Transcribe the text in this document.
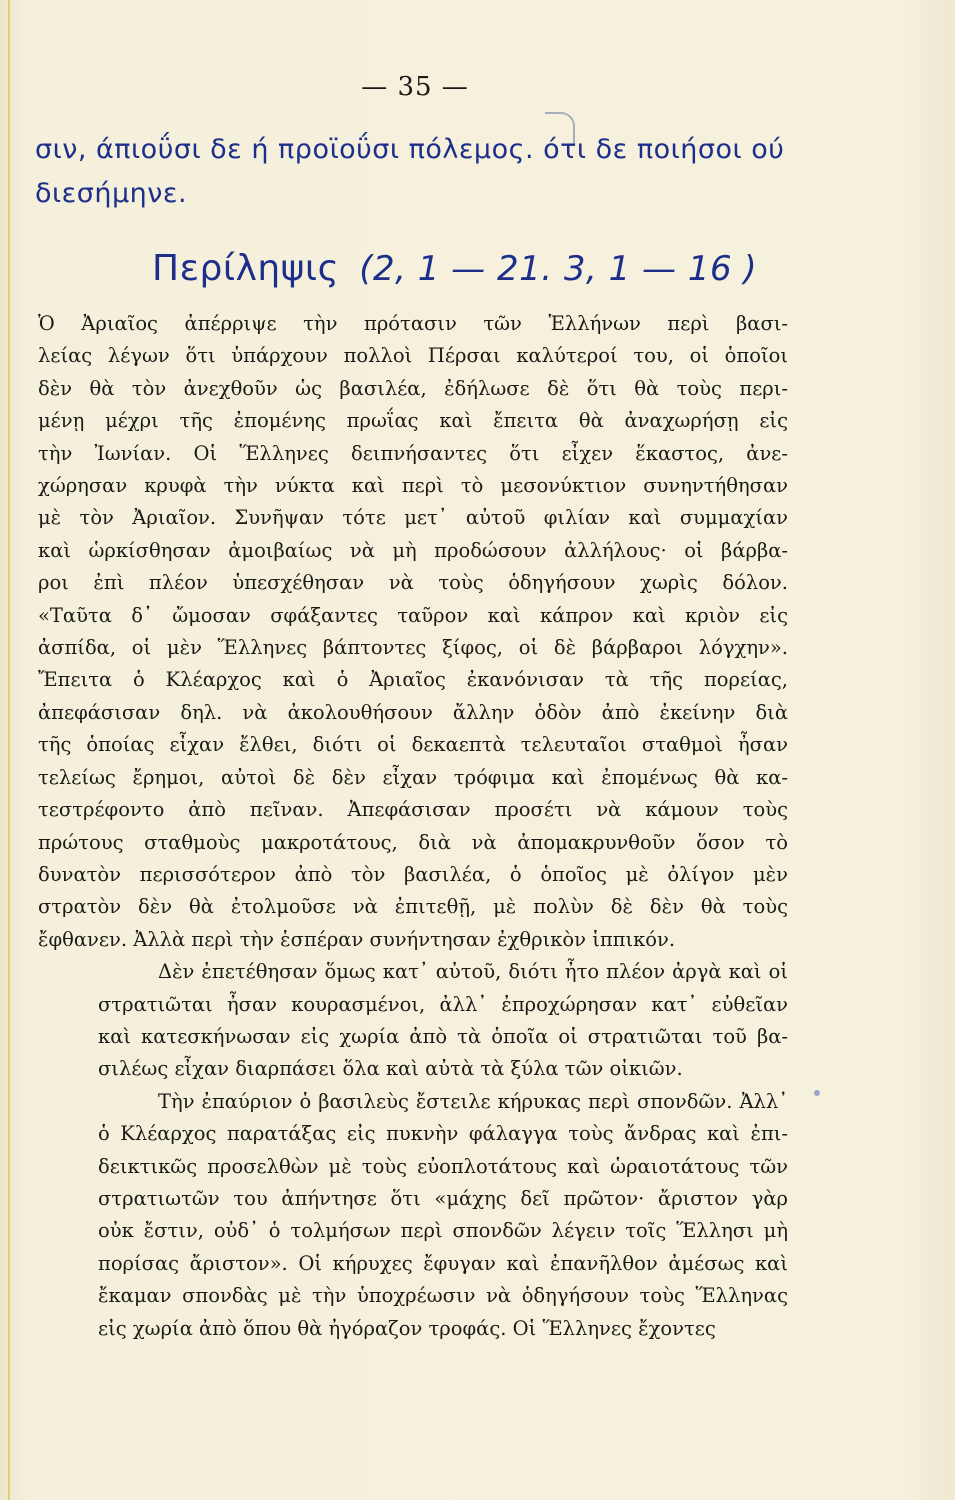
— 35 —
σιν, άπιοΰσι δε ή προϊοΰσι πόλεμος. ότι δε ποιήσοι ού
διεσήμηνε.
Περίληψις (2, 1 — 21. 3, 1 — 16 )

Ὁ Ἀριαῖος ἀπέρριψε τὴν πρότασιν τῶν Ἑλλήνων περὶ βασι-
λείας λέγων ὅτι ὑπάρχουν πολλοὶ Πέρσαι καλύτεροί του, οἱ ὁποῖοι
δὲν θὰ τὸν ἀνεχθοῦν ὡς βασιλέα, ἐδήλωσε δὲ ὅτι θὰ τοὺς περι-
μένῃ μέχρι τῆς ἐπομένης πρωΐας καὶ ἔπειτα θὰ ἀναχωρήσῃ εἰς
τὴν Ἰωνίαν. Οἱ Ἕλληνες δειπνήσαντες ὅτι εἶχεν ἕκαστος, ἀνε-
χώρησαν κρυφὰ τὴν νύκτα καὶ περὶ τὸ μεσονύκτιον συνηντήθησαν
μὲ τὸν Ἀριαῖον. Συνῆψαν τότε μετ᾽ αὐτοῦ φιλίαν καὶ συμμαχίαν
καὶ ὡρκίσθησαν ἀμοιβαίως νὰ μὴ προδώσουν ἀλλήλους· οἱ βάρβα-
ροι ἐπὶ πλέον ὑπεσχέθησαν νὰ τοὺς ὁδηγήσουν χωρὶς δόλον.
«Ταῦτα δ᾽ ὤμοσαν σφάξαντες ταῦρον καὶ κάπρον καὶ κριὸν εἰς
ἀσπίδα, οἱ μὲν Ἕλληνες βάπτοντες ξίφος, οἱ δὲ βάρβαροι λόγχην».
Ἔπειτα ὁ Κλέαρχος καὶ ὁ Ἀριαῖος ἐκανόνισαν τὰ τῆς πορείας,
ἀπεφάσισαν δηλ. νὰ ἀκολουθήσουν ἄλλην ὁδὸν ἀπὸ ἐκείνην διὰ
τῆς ὁποίας εἶχαν ἔλθει, διότι οἱ δεκαεπτὰ τελευταῖοι σταθμοὶ ἦσαν
τελείως ἔρημοι, αὐτοὶ δὲ δὲν εἶχαν τρόφιμα καὶ ἐπομένως θὰ κα-
τεστρέφοντο ἀπὸ πεῖναν. Ἀπεφάσισαν προσέτι νὰ κάμουν τοὺς
πρώτους σταθμοὺς μακροτάτους, διὰ νὰ ἀπομακρυνθοῦν ὅσον τὸ
δυνατὸν περισσότερον ἀπὸ τὸν βασιλέα, ὁ ὁποῖος μὲ ὀλίγον μὲν
στρατὸν δὲν θὰ ἐτολμοῦσε νὰ ἐπιτεθῇ, μὲ πολὺν δὲ δὲν θὰ τοὺς
ἔφθανεν. Ἀλλὰ περὶ τὴν ἑσπέραν συνήντησαν ἐχθρικὸν ἱππικόν.

Δὲν ἐπετέθησαν ὅμως κατ᾽ αὐτοῦ, διότι ἦτο πλέον ἀργὰ καὶ οἱ
στρατιῶται ἦσαν κουρασμένοι, ἀλλ᾽ ἐπροχώρησαν κατ᾽ εὐθεῖαν
καὶ κατεσκήνωσαν εἰς χωρία ἀπὸ τὰ ὁποῖα οἱ στρατιῶται τοῦ βα-
σιλέως εἶχαν διαρπάσει ὅλα καὶ αὐτὰ τὰ ξύλα τῶν οἰκιῶν.

Τὴν ἐπαύριον ὁ βασιλεὺς ἔστειλε κήρυκας περὶ σπονδῶν. Ἀλλ᾽
ὁ Κλέαρχος παρατάξας εἰς πυκνὴν φάλαγγα τοὺς ἄνδρας καὶ ἐπι-
δεικτικῶς προσελθὼν μὲ τοὺς εὐοπλοτάτους καὶ ὡραιοτάτους τῶν
στρατιωτῶν του ἀπήντησε ὅτι «μάχης δεῖ πρῶτον· ἄριστον γὰρ
οὐκ ἔστιν, οὐδ᾽ ὁ τολμήσων περὶ σπονδῶν λέγειν τοῖς Ἕλλησι μὴ
πορίσας ἄριστον». Οἱ κήρυχες ἔφυγαν καὶ ἐπανῆλθον ἀμέσως καὶ
ἔκαμαν σπονδὰς μὲ τὴν ὑποχρέωσιν νὰ ὁδηγήσουν τοὺς Ἕλληνας
εἰς χωρία ἀπὸ ὅπου θὰ ἠγόραζον τροφάς. Οἱ Ἕλληνες ἔχοντες
